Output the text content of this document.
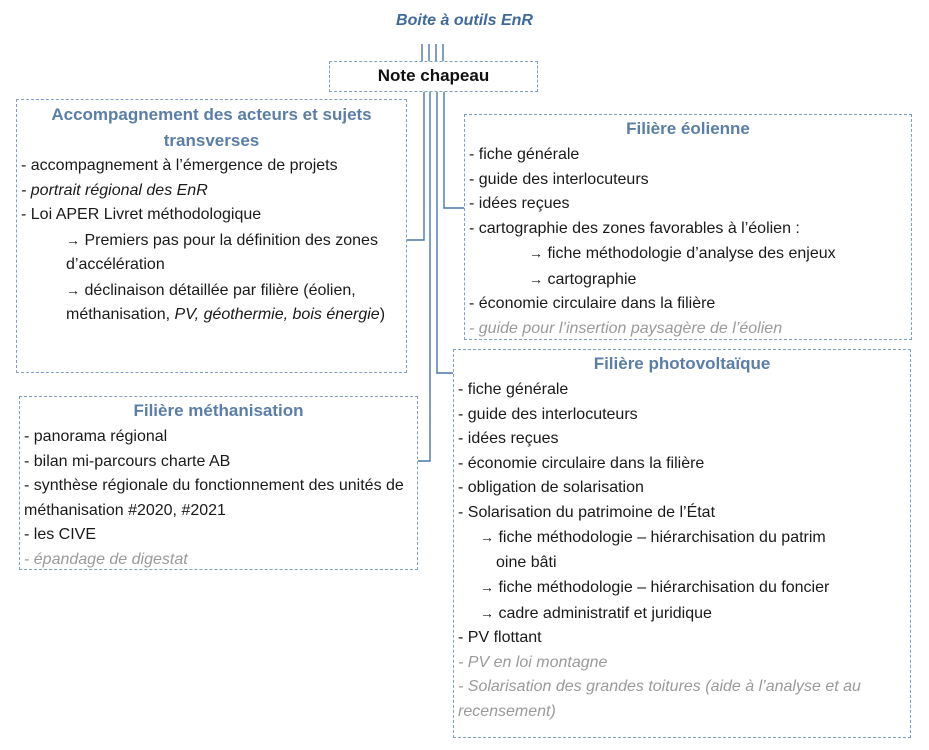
Boite à outils EnR
Note chapeau
Accompagnement des acteurs et sujets transverses
- accompagnement à l’émergence de projets
- portrait régional des EnR
- Loi APER Livret méthodologique
→ Premiers pas pour la définition des zones d’accélération
→ déclinaison détaillée par filière (éolien, méthanisation, PV, géothermie, bois énergie)
Filière méthanisation
- panorama régional
- bilan mi-parcours charte AB
- synthèse régionale du fonctionnement des unités de méthanisation #2020, #2021
- les CIVE
- épandage de digestat
Filière éolienne
- fiche générale
- guide des interlocuteurs
- idées reçues
- cartographie des zones favorables à l’éolien :
→ fiche méthodologie d’analyse des enjeux
→ cartographie
- économie circulaire dans la filière
- guide pour l’insertion paysagère de l’éolien
Filière photovoltaïque
- fiche générale
- guide des interlocuteurs
- idées reçues
- économie circulaire dans la filière
- obligation de solarisation
- Solarisation du patrimoine de l’État
→ fiche méthodologie – hiérarchisation du patrim
oine bâti
→ fiche méthodologie – hiérarchisation du foncier
→ cadre administratif et juridique
- PV flottant
- PV en loi montagne
- Solarisation des grandes toitures (aide à l’analyse et au recensement)
